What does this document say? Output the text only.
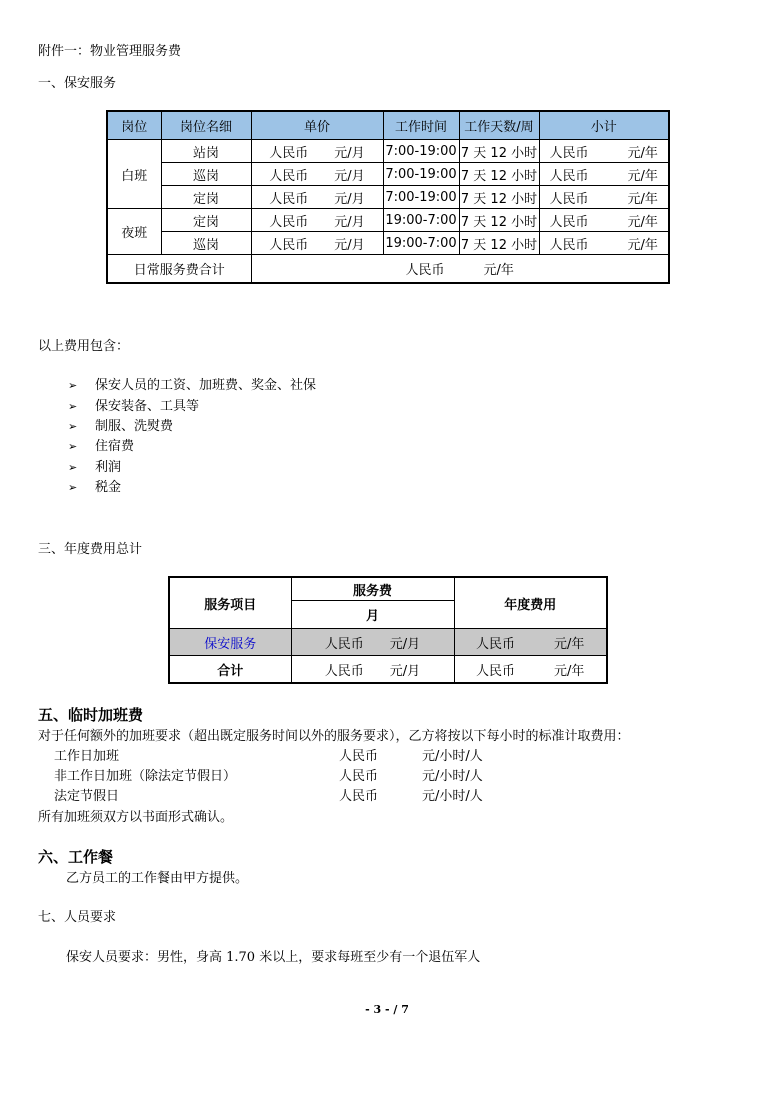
附件一：物业管理服务费
一、保安服务
岗位	岗位名细	单价	工作时间	工作天数/周	小计
白班	站岗	人民币　　元/月	7:00-19:00	7 天 12 小时	人民币　　　元/年
	巡岗	人民币　　元/月	7:00-19:00	7 天 12 小时	人民币　　　元/年
	定岗	人民币　　元/月	7:00-19:00	7 天 12 小时	人民币　　　元/年
夜班	定岗	人民币　　元/月	19:00-7:00	7 天 12 小时	人民币　　　元/年
	巡岗	人民币　　元/月	19:00-7:00	7 天 12 小时	人民币　　　元/年
日常服务费合计		人民币　　　元/年			
以上费用包含：
➢ 保安人员的工资、加班费、奖金、社保
➢ 保安装备、工具等
➢ 制服、洗熨费
➢ 住宿费
➢ 利润
➢ 税金
三、年度费用总计
服务项目	服务费	年度费用
	月	
保安服务	人民币　　元/月	人民币　　　元/年
合计	人民币　　元/月	人民币　　　元/年
五、临时加班费
对于任何额外的加班要求（超出既定服务时间以外的服务要求），乙方将按以下每小时的标准计取费用：
工作日加班	人民币	元/小时/人
非工作日加班（除法定节假日）	人民币	元/小时/人
法定节假日	人民币	元/小时/人
所有加班须双方以书面形式确认。
六、工作餐
乙方员工的工作餐由甲方提供。
七、人员要求
保安人员要求：男性，身高 1.70 米以上，要求每班至少有一个退伍军人
- 3 - / 7
